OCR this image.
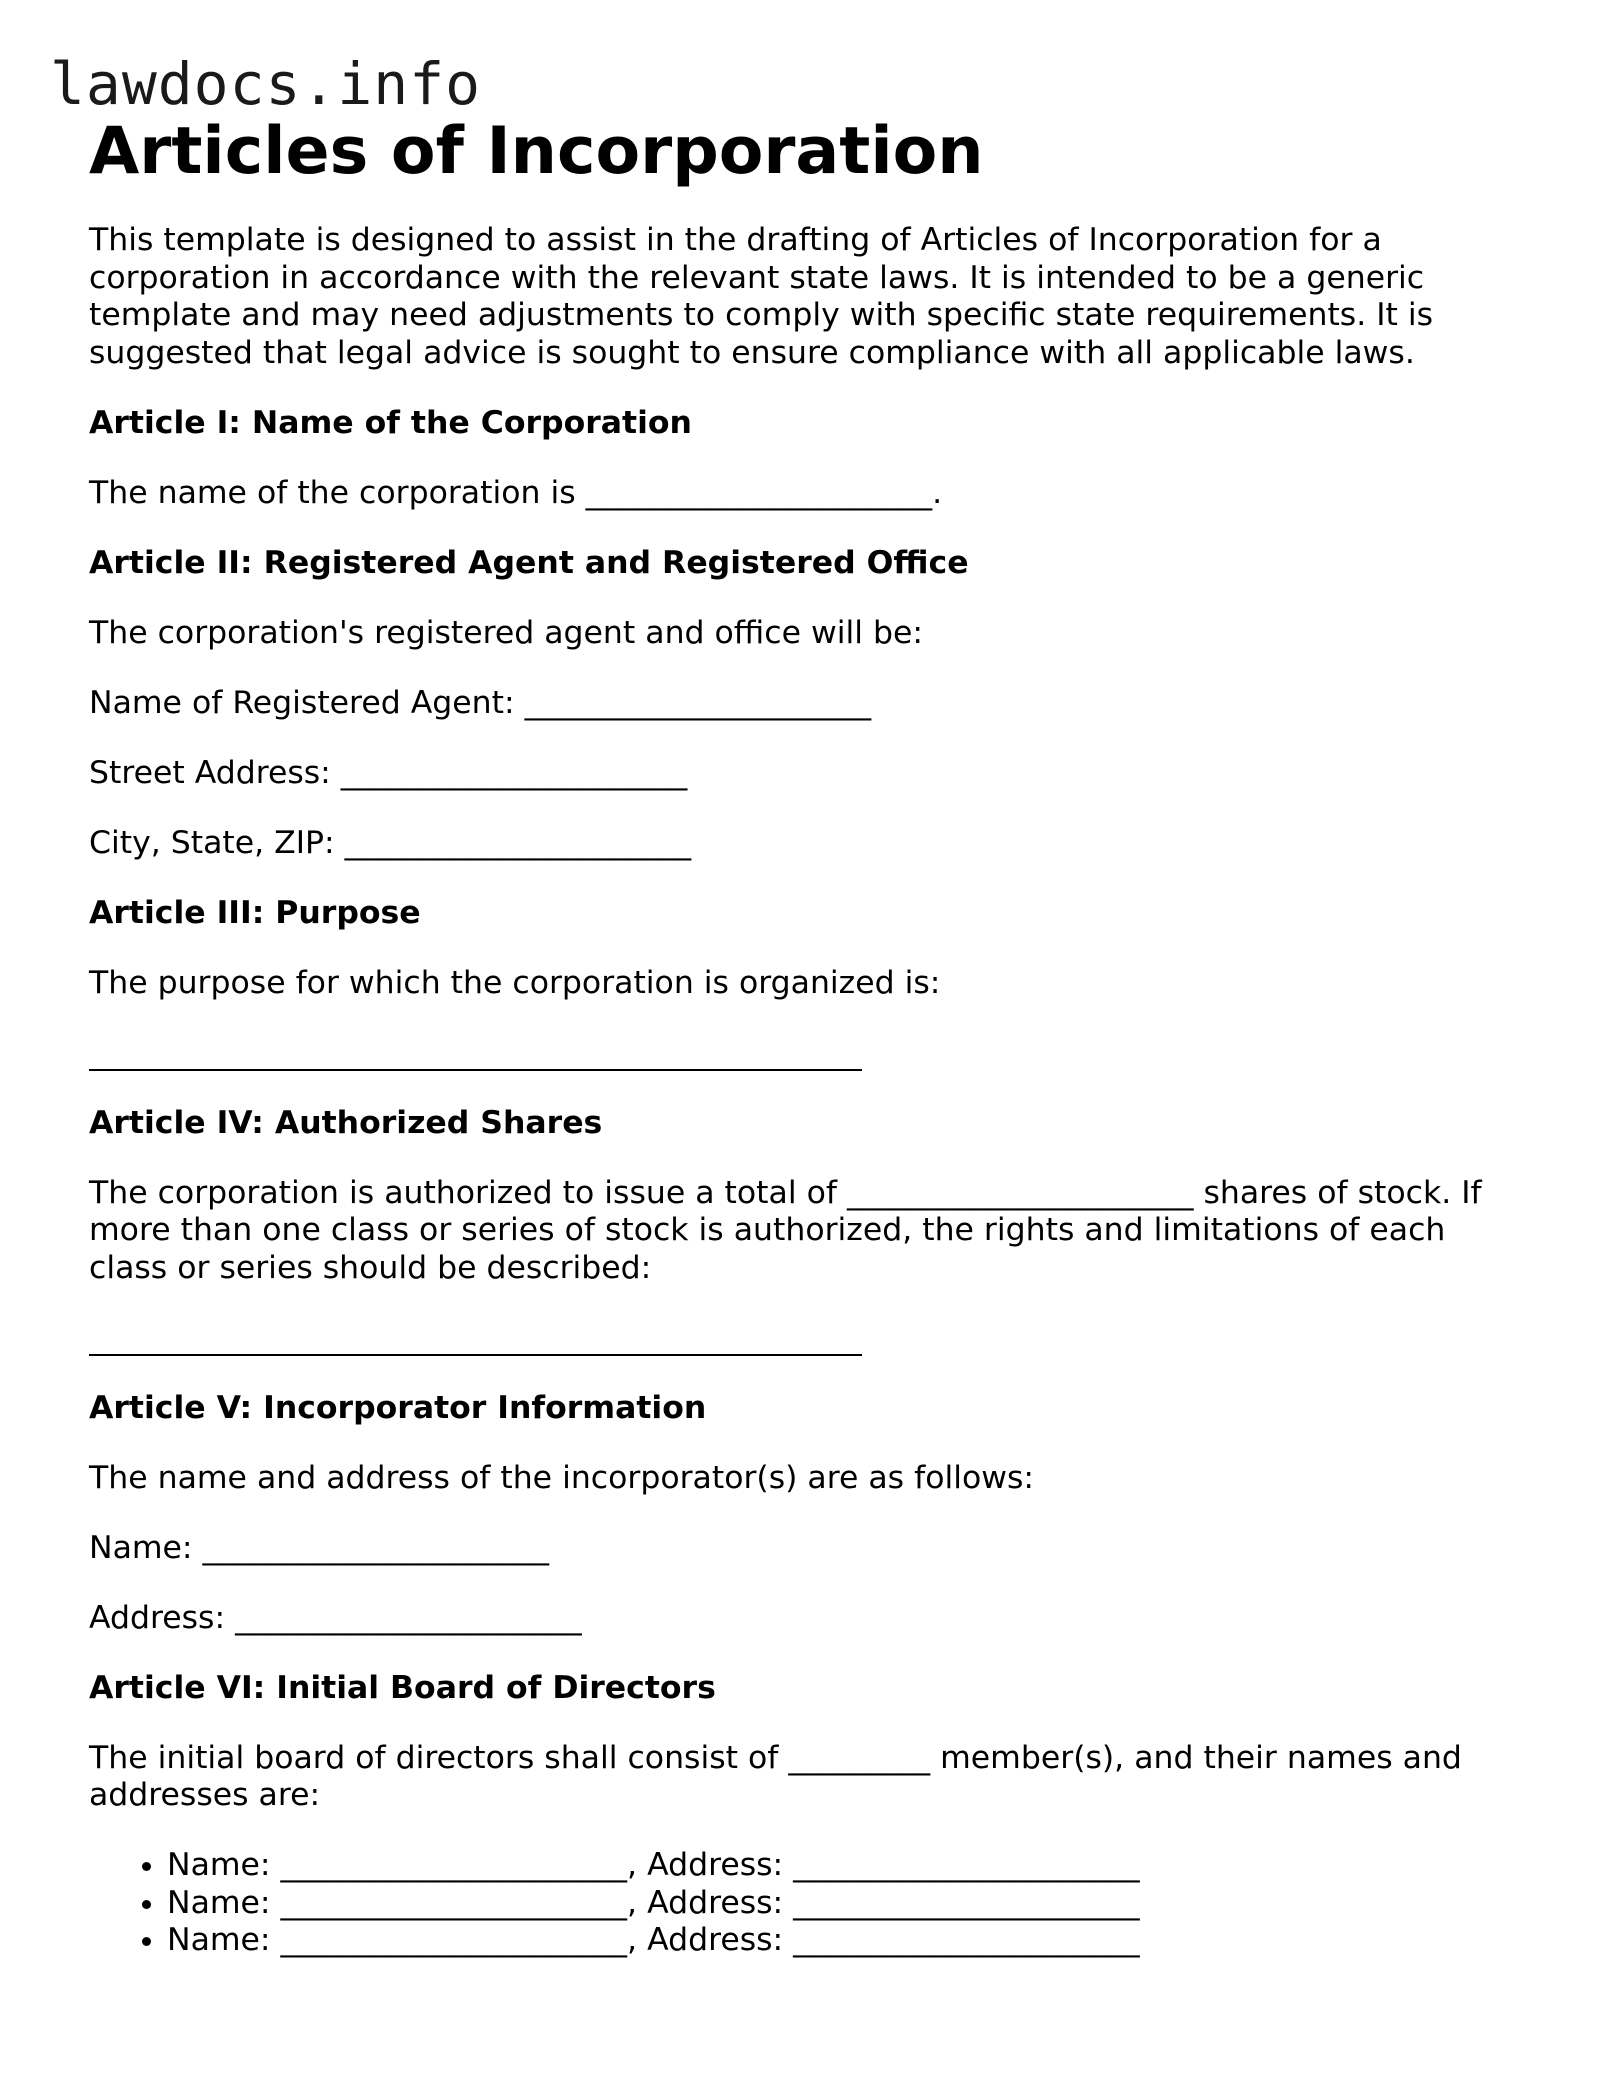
lawdocs.info
Articles of Incorporation

This template is designed to assist in the drafting of Articles of Incorporation for a corporation in accordance with the relevant state laws. It is intended to be a generic template and may need adjustments to comply with specific state requirements. It is suggested that legal advice is sought to ensure compliance with all applicable laws.

Article I: Name of the Corporation

The name of the corporation is ______________________.

Article II: Registered Agent and Registered Office

The corporation's registered agent and office will be:

Name of Registered Agent: ______________________

Street Address: ______________________

City, State, ZIP: ______________________

Article III: Purpose

The purpose for which the corporation is organized is:

Article IV: Authorized Shares

The corporation is authorized to issue a total of ______________________ shares of stock. If more than one class or series of stock is authorized, the rights and limitations of each class or series should be described:

Article V: Incorporator Information

The name and address of the incorporator(s) are as follows:

Name: ______________________

Address: ______________________

Article VI: Initial Board of Directors

The initial board of directors shall consist of _________ member(s), and their names and addresses are:

• Name: ______________________, Address: ______________________
• Name: ______________________, Address: ______________________
• Name: ______________________, Address: ______________________
